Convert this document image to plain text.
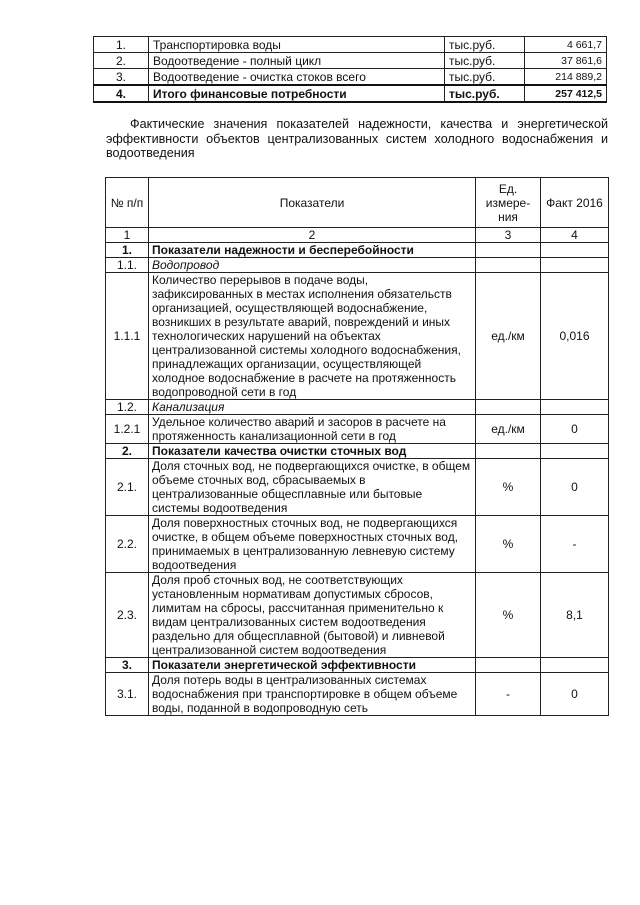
1.	Транспортировка воды	тыс.руб.	4 661,7
2.	Водоотведение - полный цикл	тыс.руб.	37 861,6
3.	Водоотведение - очистка стоков всего	тыс.руб.	214 889,2
4.	Итого финансовые потребности	тыс.руб.	257 412,5

Фактические значения показателей надежности, качества и энергетической эффективности объектов централизованных систем холодного водоснабжения и водоотведения

№ п/п	Показатели	Ед. измере-ния	Факт 2016
1	2	3	4
1.	Показатели надежности и бесперебойности		
1.1.	Водопровод		
1.1.1	Количество перерывов в подаче воды, зафиксированных в местах исполнения обязательств организацией, осуществляющей водоснабжение, возникших в результате аварий, повреждений и иных технологических нарушений на объектах централизованной системы холодного водоснабжения, принадлежащих организации, осуществляющей холодное водоснабжение в расчете на протяженность водопроводной сети в год	ед./км	0,016
1.2.	Канализация		
1.2.1	Удельное количество аварий и засоров в расчете на протяженность канализационной сети в год	ед./км	0
2.	Показатели качества очистки сточных вод		
2.1.	Доля сточных вод, не подвергающихся очистке, в общем объеме сточных вод, сбрасываемых в централизованные общесплавные или бытовые системы водоотведения	%	0
2.2.	Доля поверхностных сточных вод, не подвергающихся очистке, в общем объеме поверхностных сточных вод, принимаемых в централизованную левневую систему водоотведения	%	-
2.3.	Доля проб сточных вод, не соответствующих установленным нормативам допустимых сбросов, лимитам на сбросы, рассчитанная применительно к видам централизованных систем водоотведения раздельно для общесплавной (бытовой) и ливневой централизованной систем водоотведения	%	8,1
3.	Показатели энергетической эффективности		
3.1.	Доля потерь воды в централизованных системах водоснабжения при транспортировке в общем объеме воды, поданной в водопроводную сеть	-	0
